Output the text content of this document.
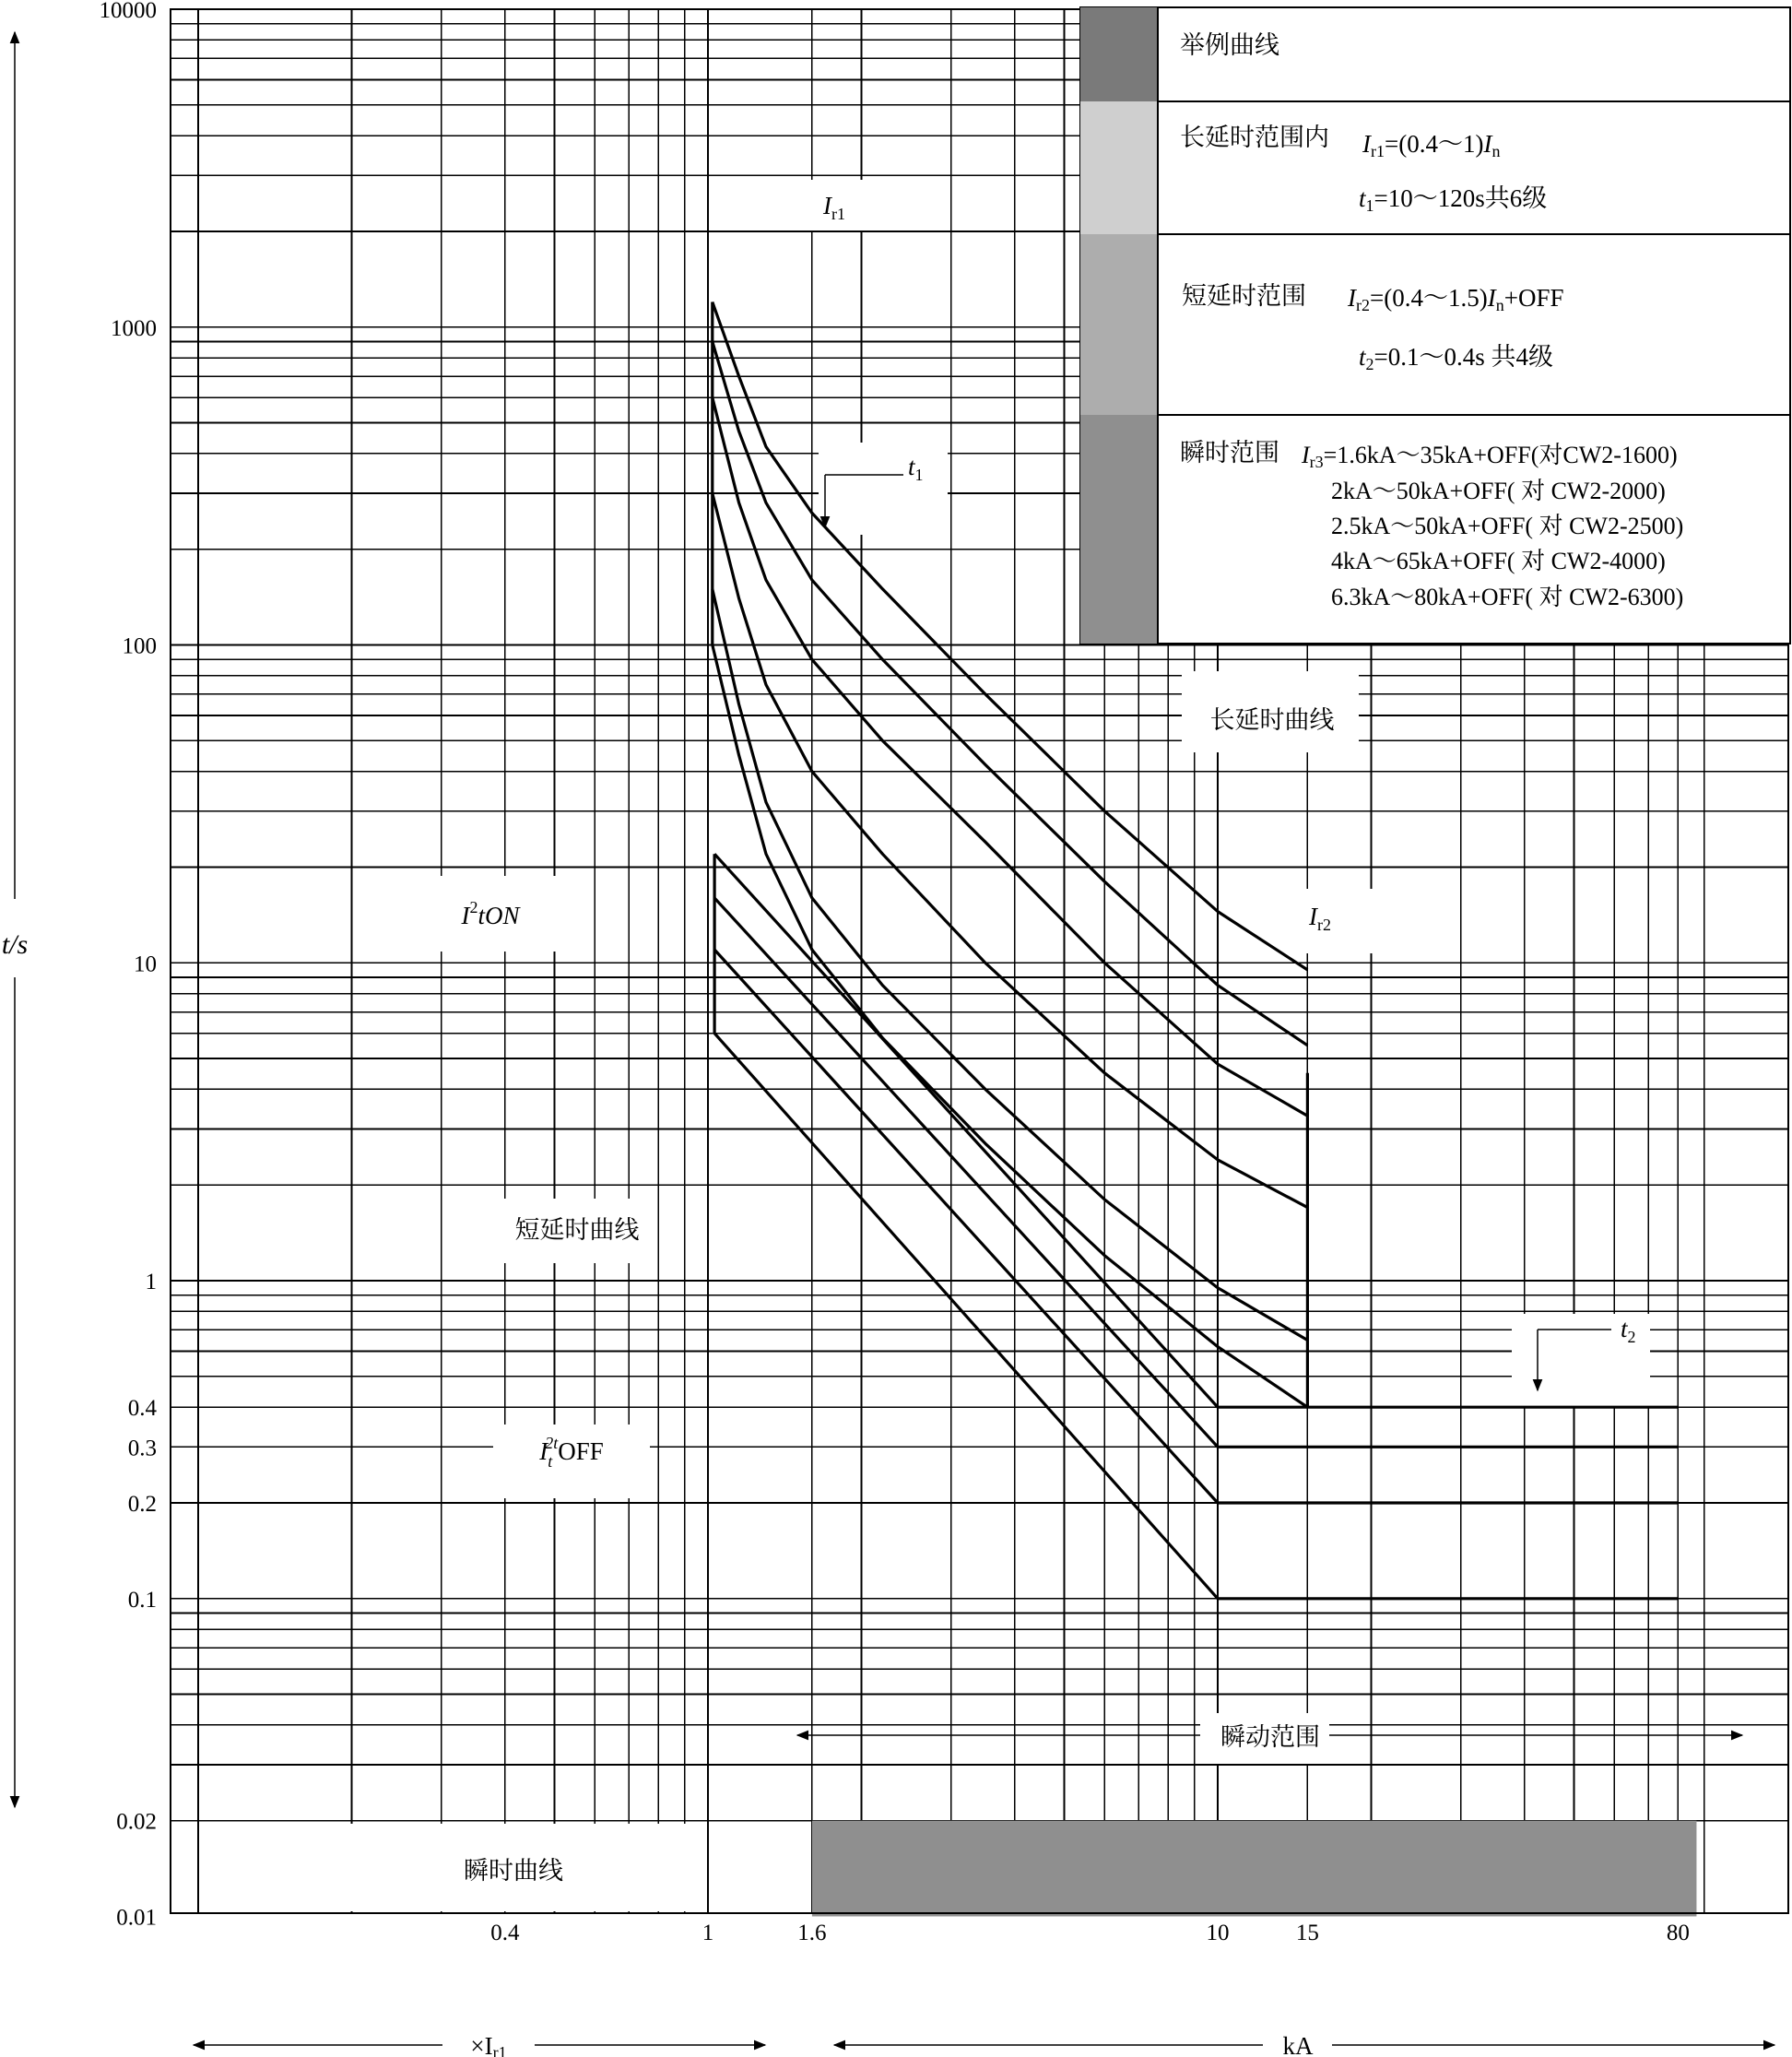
10000
1000
100
10
1
0.4
0.3
0.2
0.1
0.02
0.01
0.4	1	1.6	10	15	80
t/s
×Ir1	kA
$I_{r1}$
$t_1$
长延时曲线
$I_{r2}$
$I^2tON$
短延时曲线
$I_t2tOFF$
$t_2$
瞬动范围
瞬时曲线
举例曲线
长延时范围内 Ir1=(0.4～1)In
t1=10～120s共6级
短延时范围 Ir2=(0.4～1.5)In+OFF
t2=0.1～0.4s 共4级
瞬时范围 Ir3=1.6kA～35kA+OFF(对CW2-1600)
2kA～50kA+OFF( 对 CW2-2000)
2.5kA～50kA+OFF( 对 CW2-2500)
4kA～65kA+OFF( 对 CW2-4000)
6.3kA～80kA+OFF( 对 CW2-6300)
